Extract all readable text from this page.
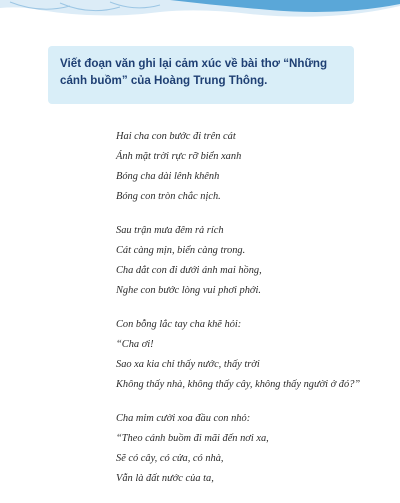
Viết đoạn văn ghi lại cảm xúc về bài thơ “Những cánh buồm” của Hoàng Trung Thông.

Hai cha con bước đi trên cát
Ánh mặt trời rực rỡ biển xanh
Bóng cha dài lênh khênh
Bóng con tròn chắc nịch.
Sau trận mưa đêm rả rích
Cát càng mịn, biển càng trong.
Cha dắt con đi dưới ánh mai hồng,
Nghe con bước lòng vui phơi phới.
Con bỗng lắc tay cha khẽ hỏi:
“Cha ơi!
Sao xa kia chỉ thấy nước, thấy trời
Không thấy nhà, không thấy cây, không thấy người ở đó?”
Cha mỉm cười xoa đầu con nhỏ:
“Theo cánh buồm đi mãi đến nơi xa,
Sẽ có cây, có cửa, có nhà,
Vẫn là đất nước của ta,
